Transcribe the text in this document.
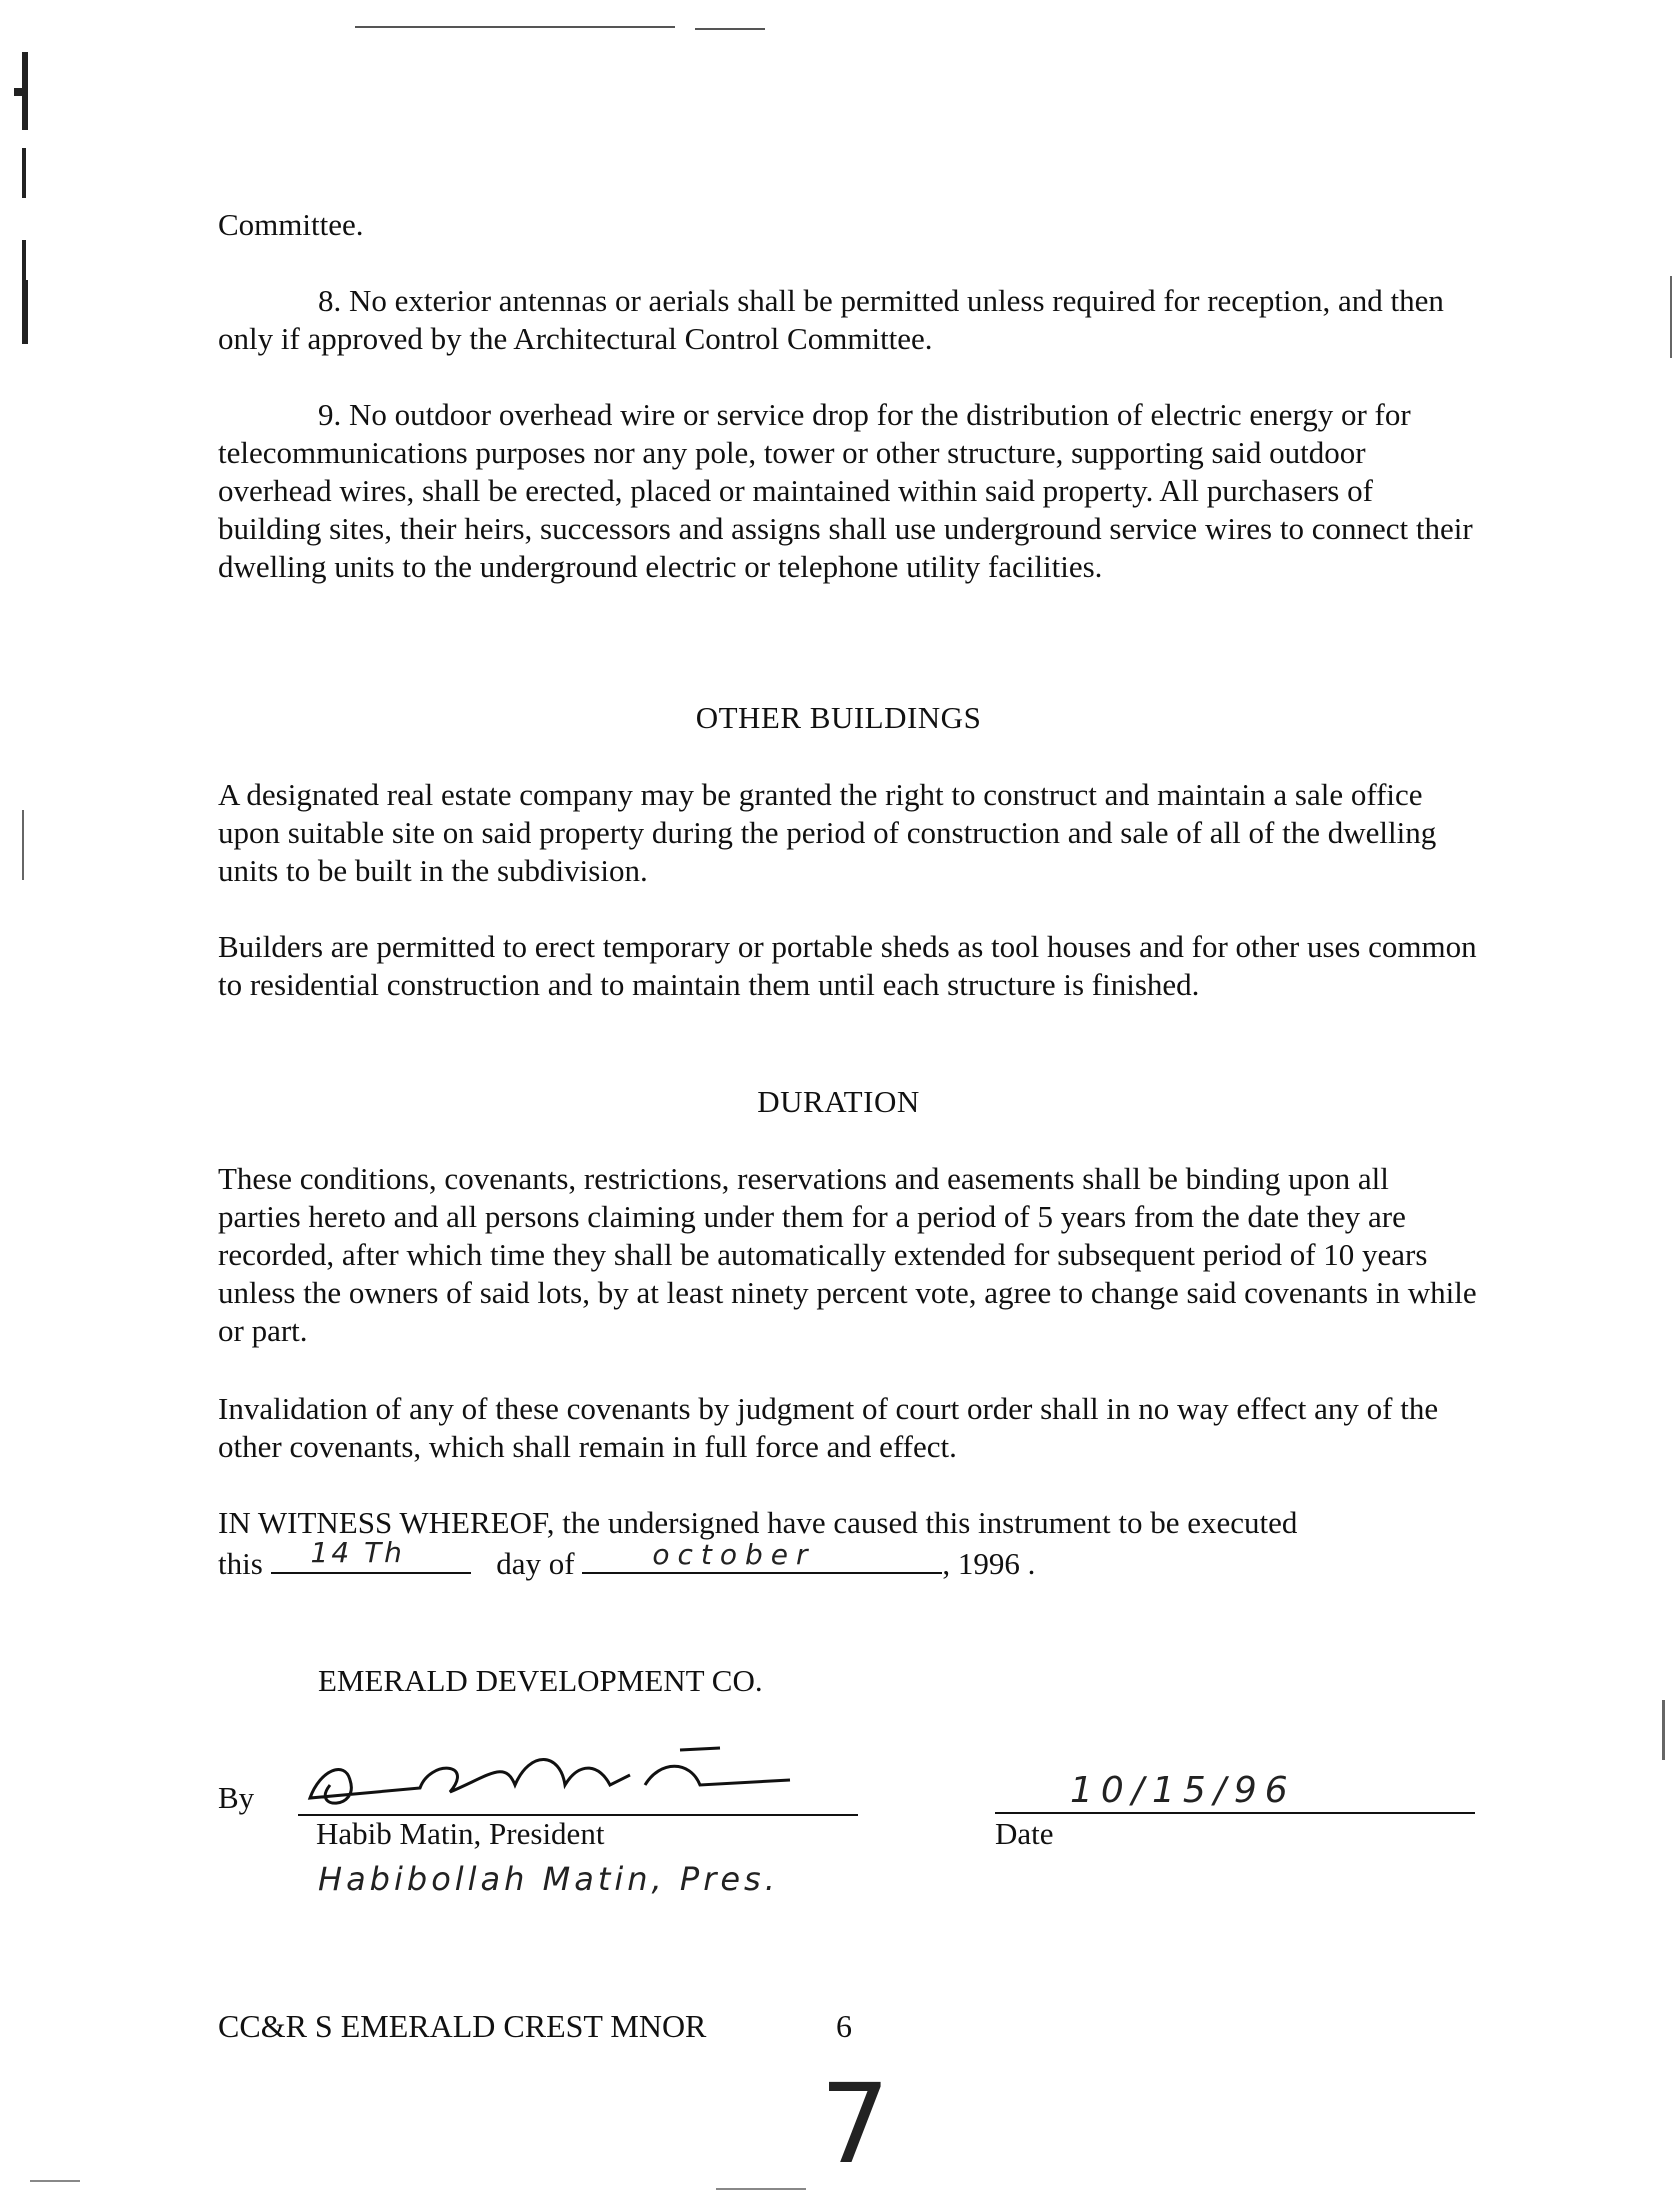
Committee.

8. No exterior antennas or aerials shall be permitted unless required for reception, and then only if approved by the Architectural Control Committee.

9. No outdoor overhead wire or service drop for the distribution of electric energy or for telecommunications purposes nor any pole, tower or other structure, supporting said outdoor overhead wires, shall be erected, placed or maintained within said property. All purchasers of building sites, their heirs, successors and assigns shall use underground service wires to connect their dwelling units to the underground electric or telephone utility facilities.

OTHER BUILDINGS

A designated real estate company may be granted the right to construct and maintain a sale office upon suitable site on said property during the period of construction and sale of all of the dwelling units to be built in the subdivision.

Builders are permitted to erect temporary or portable sheds as tool houses and for other uses common to residential construction and to maintain them until each structure is finished.

DURATION

These conditions, covenants, restrictions, reservations and easements shall be binding upon all parties hereto and all persons claiming under them for a period of 5 years from the date they are recorded, after which time they shall be automatically extended for subsequent period of 10 years unless the owners of said lots, by at least ninety percent vote, agree to change said covenants in while or part.

Invalidation of any of these covenants by judgment of court order shall in no way effect any of the other covenants, which shall remain in full force and effect.

IN WITNESS WHEREOF, the undersigned have caused this instrument to be executed

this 14 Th	day of	october	, 1996 .

EMERALD DEVELOPMENT CO.

By	H. Matin
Habib Matin, President
Habibollah Matin, Pres.
10/15/96
Date
CC&R S EMERALD CREST MNOR	6
7
